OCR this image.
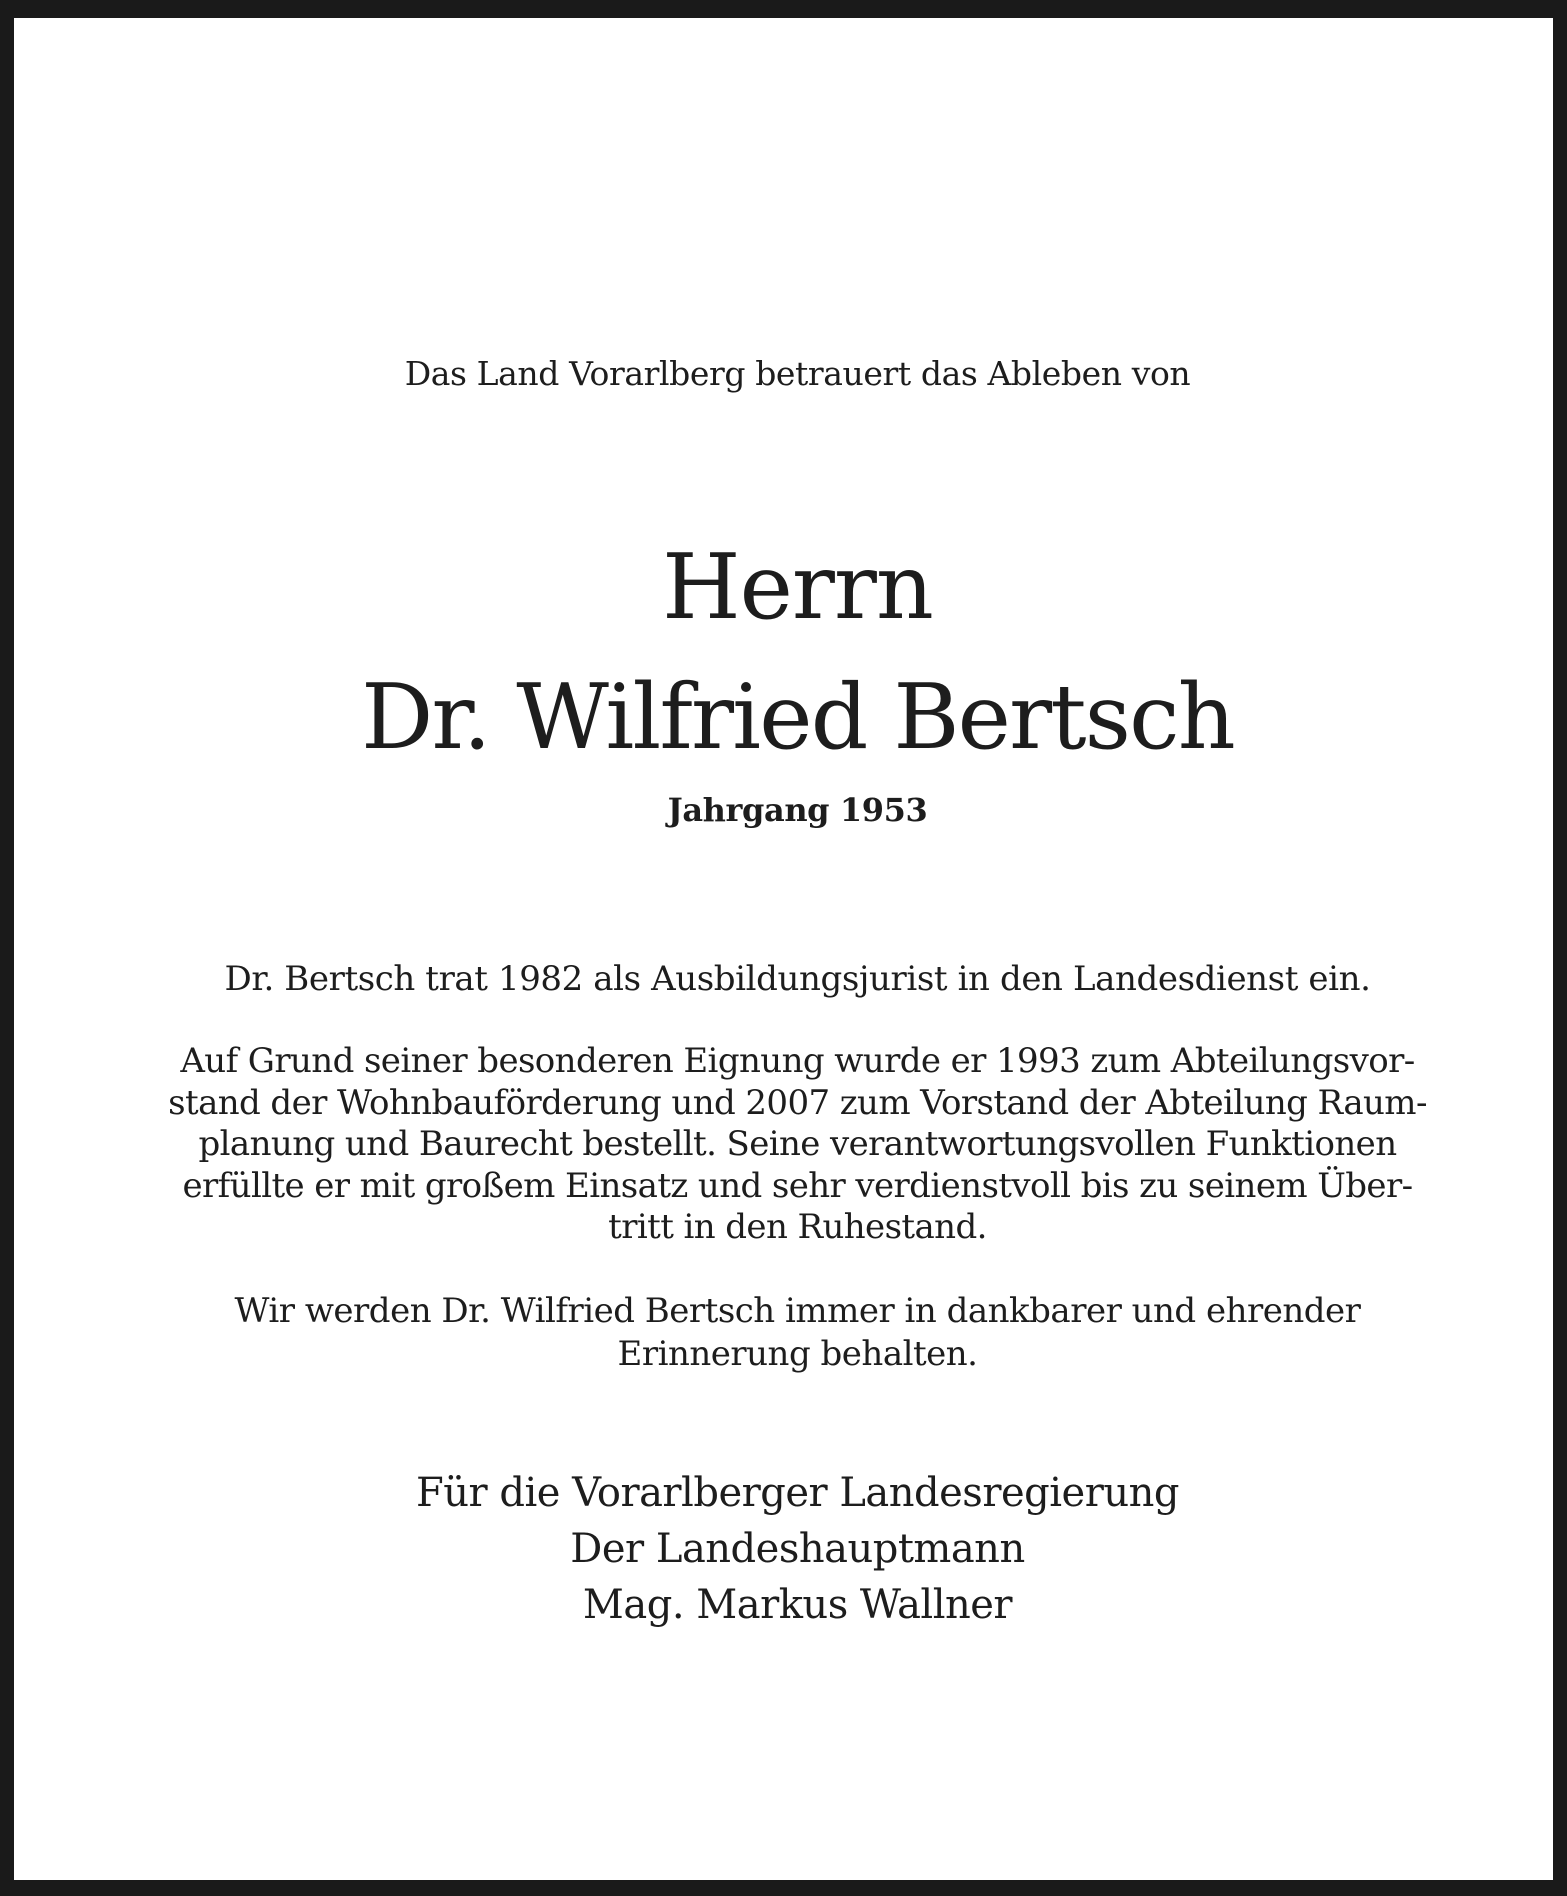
Das Land Vorarlberg betrauert das Ableben von

Herrn

Dr. Wilfried Bertsch

Jahrgang 1953

Dr. Bertsch trat 1982 als Ausbildungsjurist in den Landesdienst ein.

Auf Grund seiner besonderen Eignung wurde er 1993 zum Abteilungsvor-
stand der Wohnbauförderung und 2007 zum Vorstand der Abteilung Raum-
planung und Baurecht bestellt. Seine verantwortungsvollen Funktionen
erfüllte er mit großem Einsatz und sehr verdienstvoll bis zu seinem Über-
tritt in den Ruhestand.
Wir werden Dr. Wilfried Bertsch immer in dankbarer und ehrender
Erinnerung behalten.
Für die Vorarlberger Landesregierung
Der Landeshauptmann
Mag. Markus Wallner
